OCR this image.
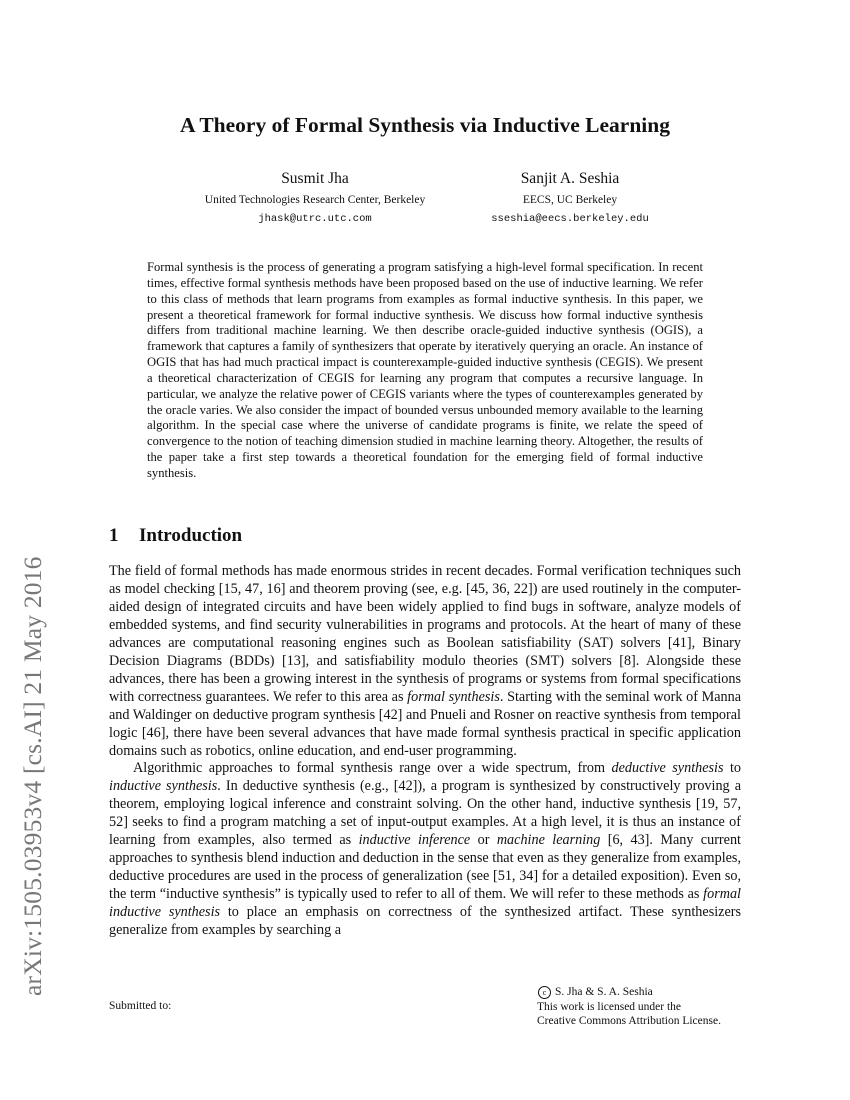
arXiv:1505.03953v4 [cs.AI] 21 May 2016
A Theory of Formal Synthesis via Inductive Learning
Susmit Jha
United Technologies Research Center, Berkeley
jhask@utrc.utc.com
Sanjit A. Seshia
EECS, UC Berkeley
sseshia@eecs.berkeley.edu

Formal synthesis is the process of generating a program satisfying a high-level formal specification. In recent times, effective formal synthesis methods have been proposed based on the use of inductive learning. We refer to this class of methods that learn programs from examples as formal inductive synthesis. In this paper, we present a theoretical framework for formal inductive synthesis. We discuss how formal inductive synthesis differs from traditional machine learning. We then describe oracle-guided inductive synthesis (OGIS), a framework that captures a family of synthesizers that operate by iteratively querying an oracle. An instance of OGIS that has had much practical impact is counterexample-guided inductive synthesis (CEGIS). We present a theoretical characterization of CEGIS for learning any program that computes a recursive language. In particular, we analyze the relative power of CEGIS variants where the types of counterexamples generated by the oracle varies. We also consider the impact of bounded versus unbounded memory available to the learning algorithm. In the special case where the universe of candidate programs is finite, we relate the speed of convergence to the notion of teaching dimension studied in machine learning theory. Altogether, the results of the paper take a first step towards a theoretical foundation for the emerging field of formal inductive synthesis.

1 Introduction

The field of formal methods has made enormous strides in recent decades. Formal verification techniques such as model checking [15, 47, 16] and theorem proving (see, e.g. [45, 36, 22]) are used routinely in the computer-aided design of integrated circuits and have been widely applied to find bugs in software, analyze models of embedded systems, and find security vulnerabilities in programs and protocols. At the heart of many of these advances are computational reasoning engines such as Boolean satisfiability (SAT) solvers [41], Binary Decision Diagrams (BDDs) [13], and satisfiability modulo theories (SMT) solvers [8]. Alongside these advances, there has been a growing interest in the synthesis of programs or systems from formal specifications with correctness guarantees. We refer to this area as formal synthesis. Starting with the seminal work of Manna and Waldinger on deductive program synthesis [42] and Pnueli and Rosner on reactive synthesis from temporal logic [46], there have been several advances that have made formal synthesis practical in specific application domains such as robotics, online education, and end-user programming.

Algorithmic approaches to formal synthesis range over a wide spectrum, from deductive synthesis to inductive synthesis. In deductive synthesis (e.g., [42]), a program is synthesized by constructively proving a theorem, employing logical inference and constraint solving. On the other hand, inductive synthesis [19, 57, 52] seeks to find a program matching a set of input-output examples. At a high level, it is thus an instance of learning from examples, also termed as inductive inference or machine learning [6, 43]. Many current approaches to synthesis blend induction and deduction in the sense that even as they generalize from examples, deductive procedures are used in the process of generalization (see [51, 34] for a detailed exposition). Even so, the term “inductive synthesis” is typically used to refer to all of them. We will refer to these methods as formal inductive synthesis to place an emphasis on correctness of the synthesized artifact. These synthesizers generalize from examples by searching a

Submitted to:
c S. Jha & S. A. Seshia
This work is licensed under the
Creative Commons Attribution License.
